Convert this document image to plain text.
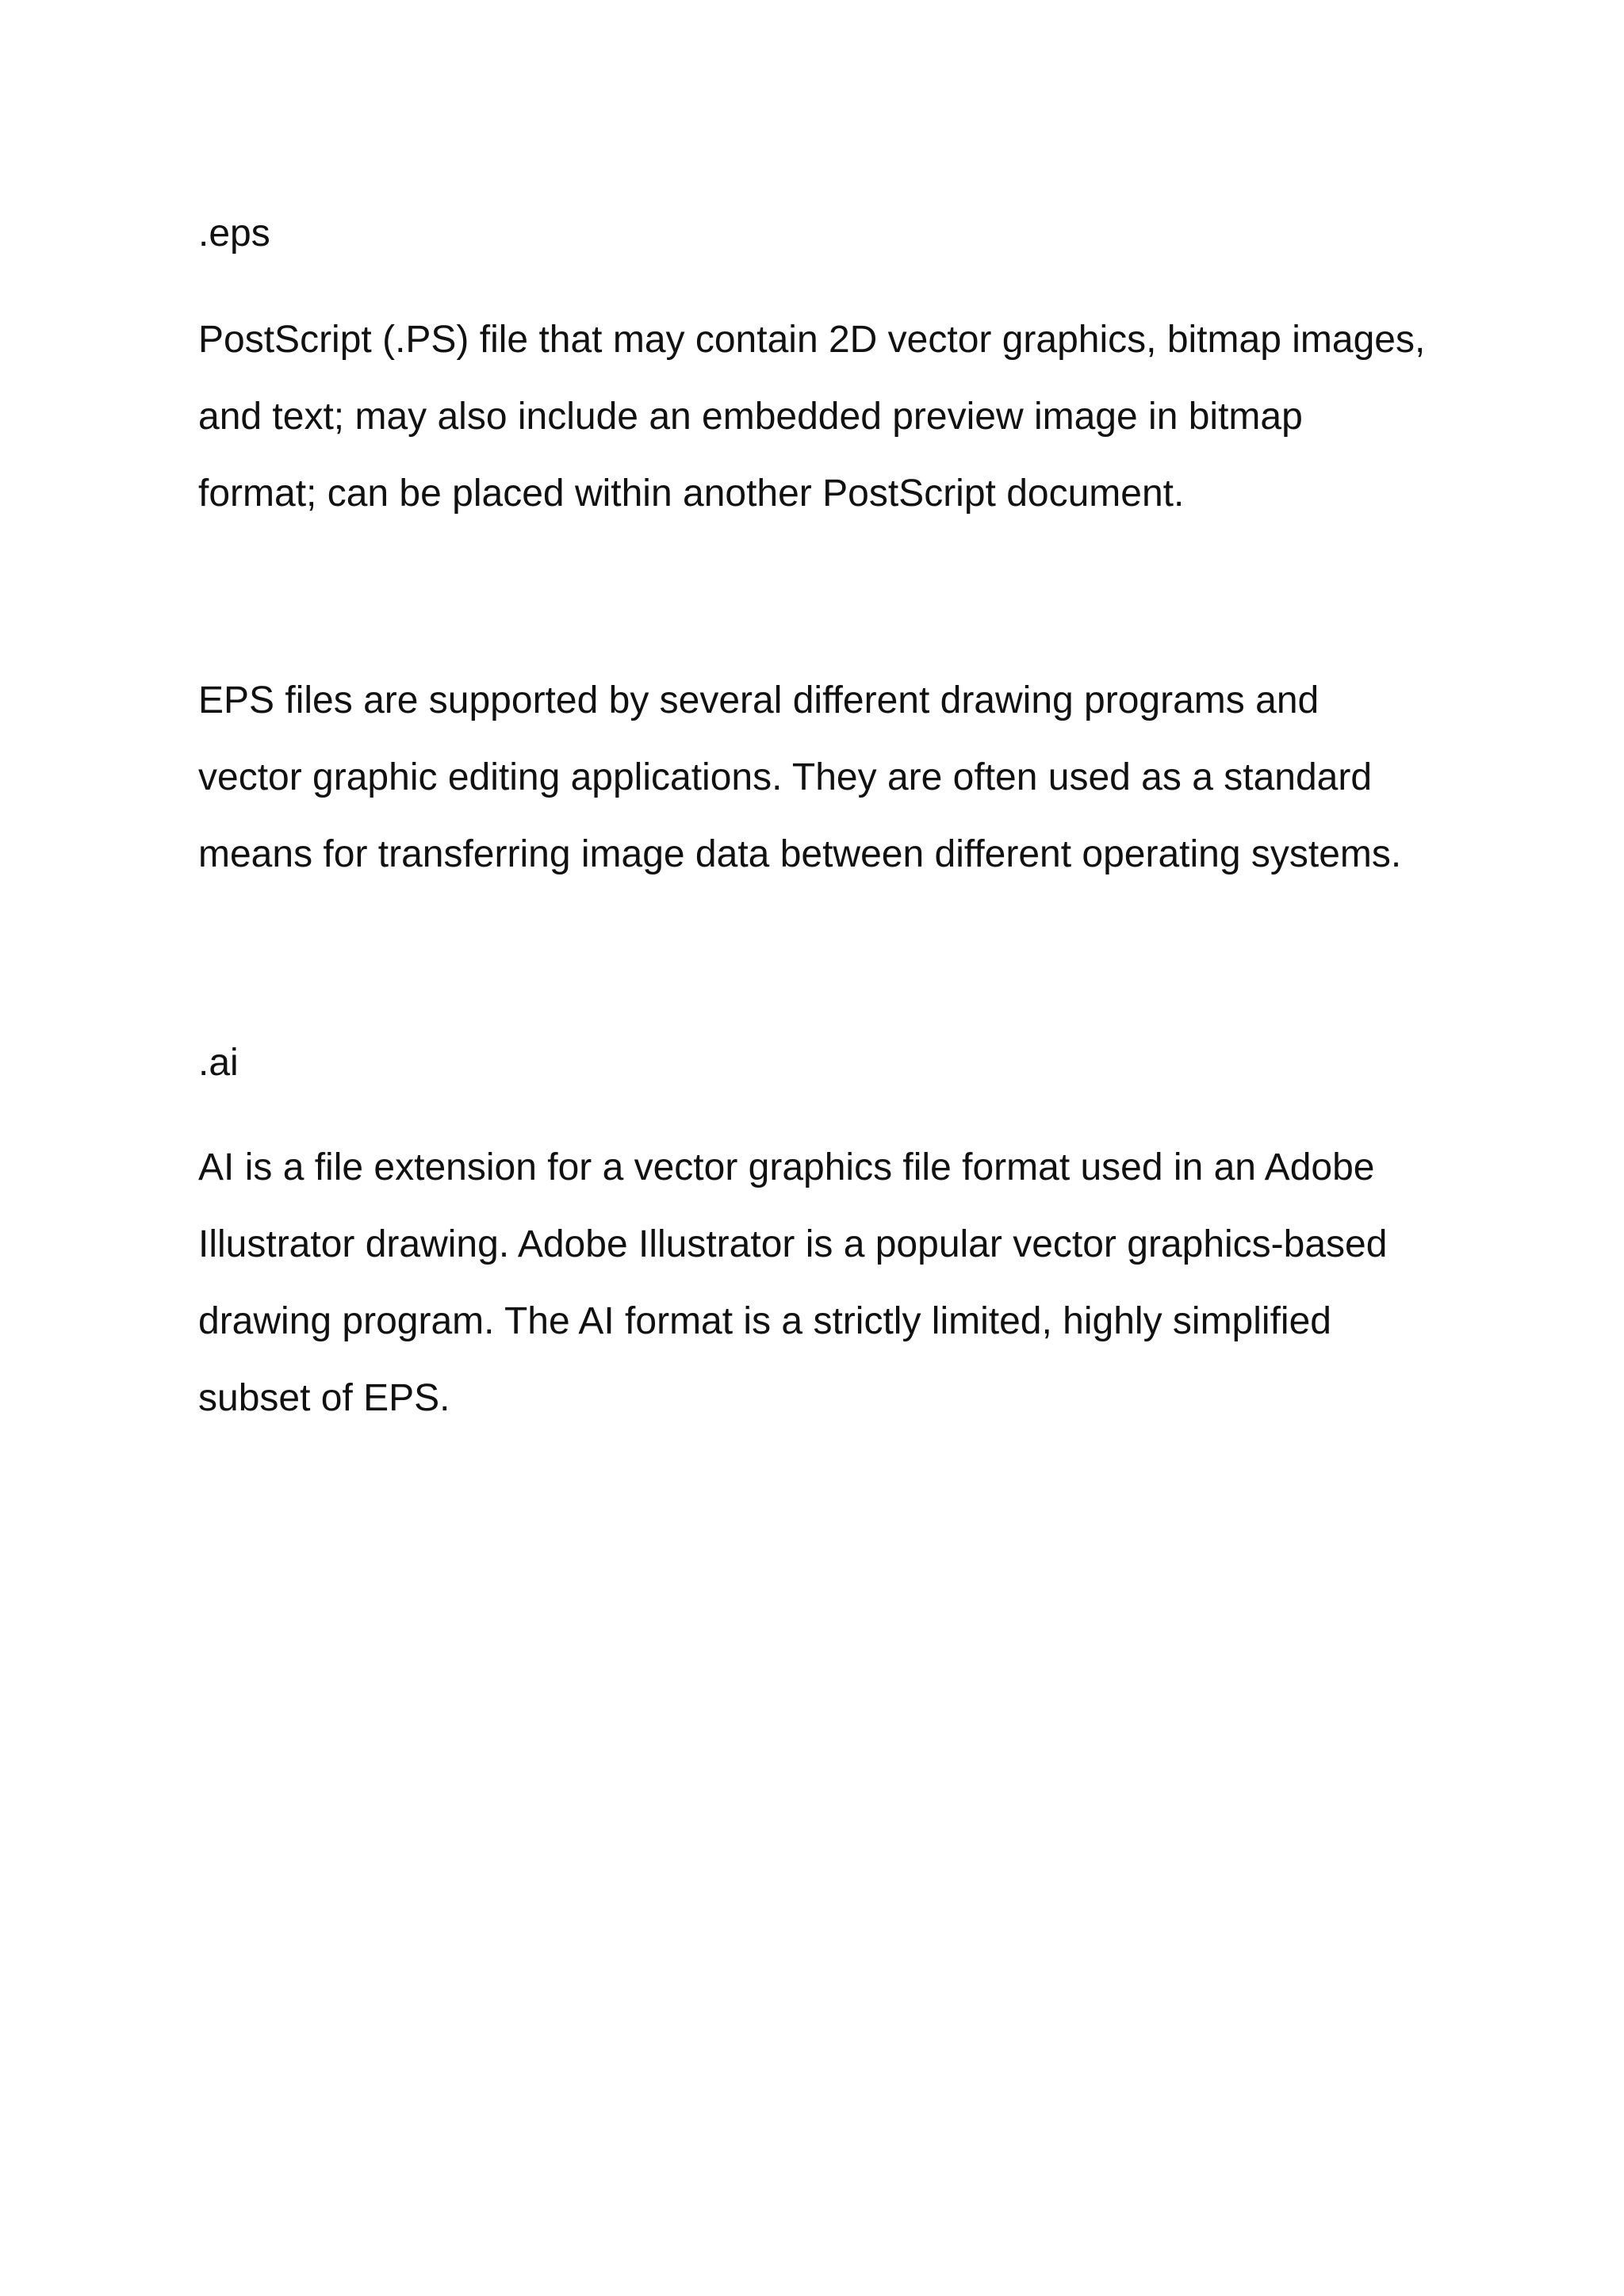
.eps
PostScript (.PS) file that may contain 2D vector graphics, bitmap images,
and text; may also include an embedded preview image in bitmap
format; can be placed within another PostScript document.
EPS files are supported by several different drawing programs and
vector graphic editing applications. They are often used as a standard
means for transferring image data between different operating systems.
.ai
AI is a file extension for a vector graphics file format used in an Adobe
Illustrator drawing. Adobe Illustrator is a popular vector graphics-based
drawing program. The AI format is a strictly limited, highly simplified
subset of EPS.
